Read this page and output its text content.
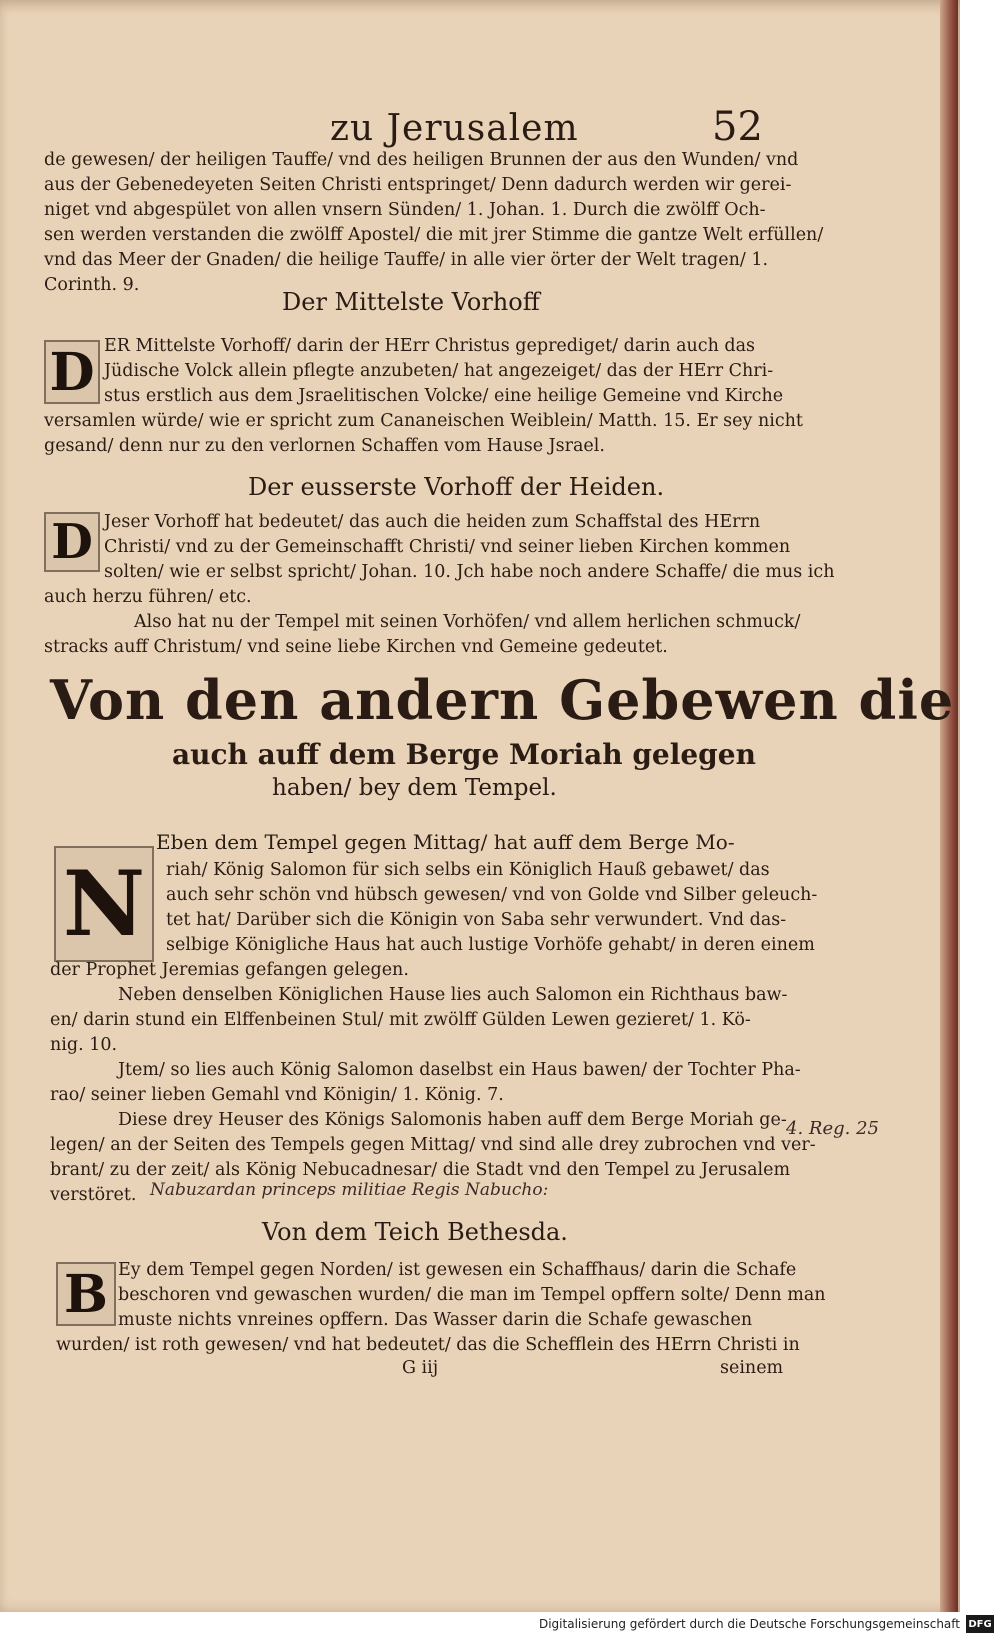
zu Jerusalem	52
de gewesen/ der heiligen Tauffe/ vnd des heiligen Brunnen der aus den Wunden/ vnd
aus der Gebenedeyeten Seiten Christi entspringet/ Denn dadurch werden wir gerei-
niget vnd abgespület von allen vnsern Sünden/ 1. Johan. 1. Durch die zwölff Och-
sen werden verstanden die zwölff Apostel/ die mit jrer Stimme die gantze Welt erfüllen/
vnd das Meer der Gnaden/ die heilige Tauffe/ in alle vier örter der Welt tragen/ 1.
Corinth. 9.
Der Mittelste Vorhoff
D ER Mittelste Vorhoff/ darin der HErr Christus geprediget/ darin auch das
Jüdische Volck allein pflegte anzubeten/ hat angezeiget/ das der HErr Chri-
stus erstlich aus dem Jsraelitischen Volcke/ eine heilige Gemeine vnd Kirche
versamlen würde/ wie er spricht zum Cananeischen Weiblein/ Matth. 15. Er sey nicht
gesand/ denn nur zu den verlornen Schaffen vom Hause Jsrael.
Der eusserste Vorhoff der Heiden.
D Jeser Vorhoff hat bedeutet/ das auch die heiden zum Schaffstal des HErrn
Christi/ vnd zu der Gemeinschafft Christi/ vnd seiner lieben Kirchen kommen
solten/ wie er selbst spricht/ Johan. 10. Jch habe noch andere Schaffe/ die mus ich
auch herzu führen/ etc.
Also hat nu der Tempel mit seinen Vorhöfen/ vnd allem herlichen schmuck/
stracks auff Christum/ vnd seine liebe Kirchen vnd Gemeine gedeutet.
Von den andern Gebewen die
auch auff dem Berge Moriah gelegen
haben/ bey dem Tempel.
N
Eben dem Tempel gegen Mittag/ hat auff dem Berge Mo-
riah/ König Salomon für sich selbs ein Königlich Hauß gebawet/ das
auch sehr schön vnd hübsch gewesen/ vnd von Golde vnd Silber geleuch-
tet hat/ Darüber sich die Königin von Saba sehr verwundert. Vnd das-
selbige Königliche Haus hat auch lustige Vorhöfe gehabt/ in deren einem
der Prophet Jeremias gefangen gelegen.
Neben denselben Königlichen Hause lies auch Salomon ein Richthaus baw-
en/ darin stund ein Elffenbeinen Stul/ mit zwölff Gülden Lewen gezieret/ 1. Kö-
nig. 10.
Jtem/ so lies auch König Salomon daselbst ein Haus bawen/ der Tochter Pha-
rao/ seiner lieben Gemahl vnd Königin/ 1. König. 7.
Diese drey Heuser des Königs Salomonis haben auff dem Berge Moriah ge-
legen/ an der Seiten des Tempels gegen Mittag/ vnd sind alle drey zubrochen vnd ver-
brant/ zu der zeit/ als König Nebucadnesar/ die Stadt vnd den Tempel zu Jerusalem
verstöret. Nabuzardan princeps militiae Regis Nabucho:
4. Reg. 25
Von dem Teich Bethesda.
B Ey dem Tempel gegen Norden/ ist gewesen ein Schaffhaus/ darin die Schafe
beschoren vnd gewaschen wurden/ die man im Tempel opffern solte/ Denn man
muste nichts vnreines opffern. Das Wasser darin die Schafe gewaschen
wurden/ ist roth gewesen/ vnd hat bedeutet/ das die Schefflein des HErrn Christi in
G iij	seinem
Digitalisierung gefördert durch die Deutsche Forschungsgemeinschaft DFG
